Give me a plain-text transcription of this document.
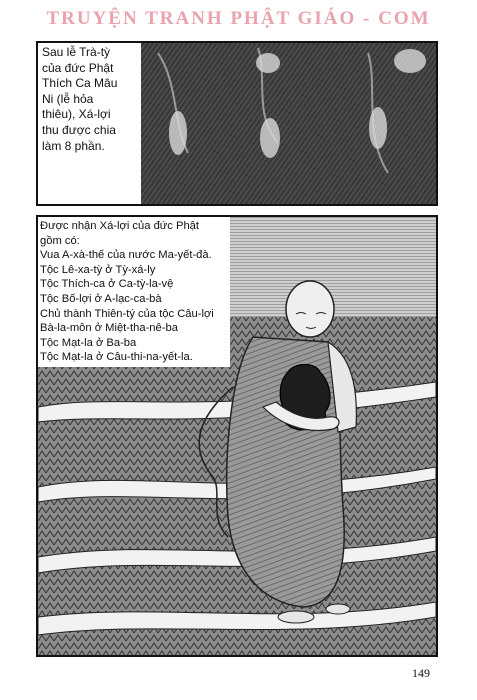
TRUYỆN TRANH PHẬT GIÁO - COM
Sau lễ Trà-tỳ
của đức Phật
Thích Ca Mâu
Ni (lễ hỏa
thiêu), Xá-lợi
thu được chia
làm 8 phần.
Được nhận Xá-lợi của đức Phật
gồm có:
Vua A-xà-thế của nước Ma-yết-đà.
Tộc Lê-xa-tỳ ở Tỳ-xá-ly
Tộc Thích-ca ở Ca-tỳ-la-vệ
Tộc Bố-lợi ở A-lạc-ca-bà
Chủ thành Thiên-tý của tộc Câu-lợi
Bà-la-môn ở Miệt-tha-nê-ba
Tộc Mạt-la ở Ba-ba
Tộc Mạt-la ở Câu-thi-na-yết-la.
149
